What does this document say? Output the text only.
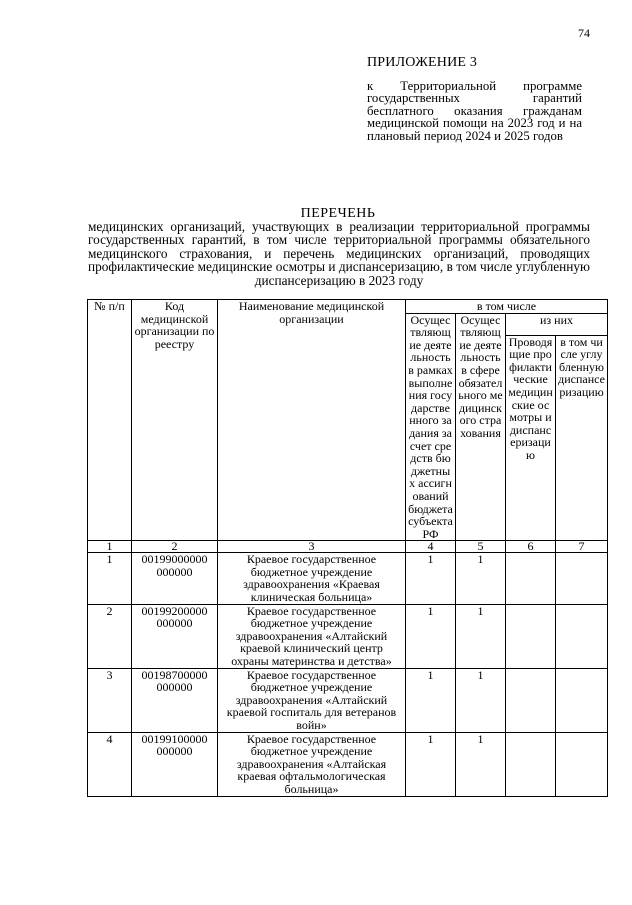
74
ПРИЛОЖЕНИЕ 3
к Территориальной программе государственных гарантий бесплатного оказания гражданам медицинской помощи на 2023 год и на плановый период 2024 и 2025 годов
ПЕРЕЧЕНЬ
медицинских организаций, участвующих в реализации территориальной программы государственных гарантий, в том числе территориальной программы обязательного медицинского страхования, и перечень медицинских организаций, проводящих профилактические медицинские осмотры и диспансеризацию, в том числе углубленную диспансеризацию в 2023 году
№ п/п	Код медицинской организации по реестру	Наименование медицинской организации	в том числе			
			Осуществляющие деятельность в рамках выполнения государственного задания за счет средств бюджетных ассигнований бюджета субъекта РФ	Осуществляющие деятельность в сфере обязательного медицинского страхования	из них	
					Проводящие профилактические медицинские осмотры и диспансеризацию	в том числе углубленную диспансеризацию
1	2	3	4	5	6	7
1	00199000000 000000	Краевое государственное бюджетное учреждение здравоохранения «Краевая клиническая больница»	1	1		
2	00199200000 000000	Краевое государственное бюджетное учреждение здравоохранения «Алтайский краевой клинический центр охраны материнства и детства»	1	1		
3	00198700000 000000	Краевое государственное бюджетное учреждение здравоохранения «Алтайский краевой госпиталь для ветеранов войн»	1	1		
4	00199100000 000000	Краевое государственное бюджетное учреждение здравоохранения «Алтайская краевая офтальмологическая больница»	1	1		
